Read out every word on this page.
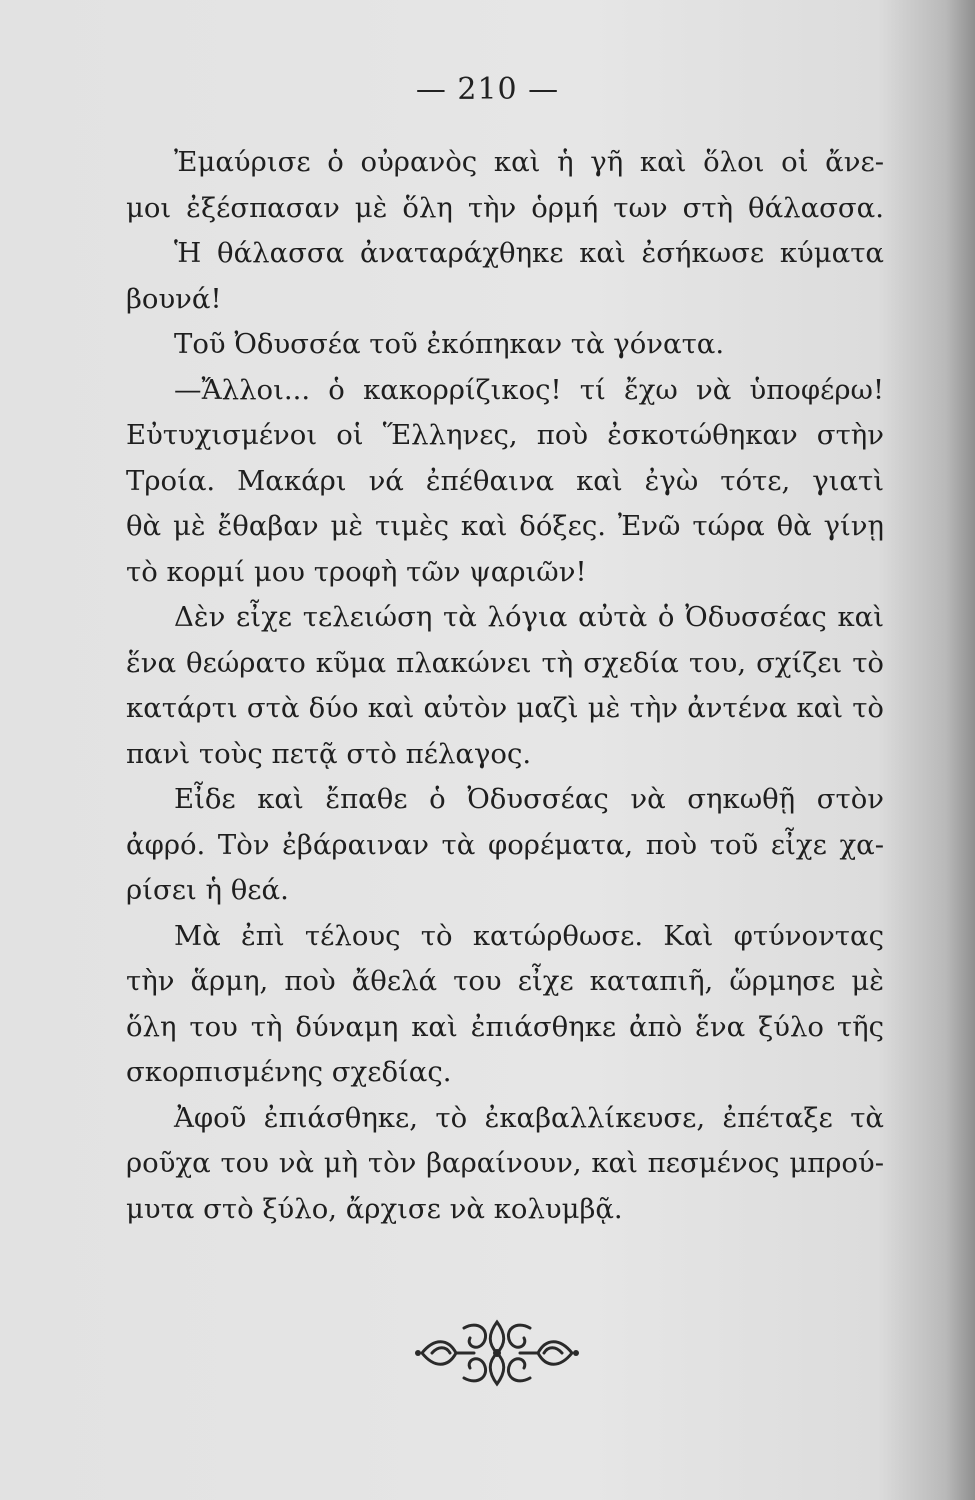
— 210 —
Ἐμαύρισε ὁ οὐρανὸς καὶ ἡ γῆ καὶ ὅλοι οἱ ἄνε-
μοι ἐξέσπασαν μὲ ὅλη τὴν ὁρμή των στὴ θάλασσα.
Ἡ θάλασσα ἀναταράχθηκε καὶ ἐσήκωσε κύματα
βουνά!
Τοῦ Ὀδυσσέα τοῦ ἐκόπηκαν τὰ γόνατα.
—Ἄλλοι... ὁ κακορρίζικος! τί ἔχω νὰ ὑποφέρω!
Εὐτυχισμένοι οἱ Ἕλληνες, ποὺ ἐσκοτώθηκαν στὴν
Τροία. Μακάρι νά ἐπέθαινα καὶ ἐγὼ τότε, γιατὶ
θὰ μὲ ἔθαβαν μὲ τιμὲς καὶ δόξες. Ἐνῶ τώρα θὰ γίνῃ
τὸ κορμί μου τροφὴ τῶν ψαριῶν!
Δὲν εἶχε τελειώση τὰ λόγια αὐτὰ ὁ Ὀδυσσέας καὶ
ἕνα θεώρατο κῦμα πλακώνει τὴ σχεδία του, σχίζει τὸ
κατάρτι στὰ δύο καὶ αὐτὸν μαζὶ μὲ τὴν ἀντένα καὶ τὸ
πανὶ τοὺς πετᾷ στὸ πέλαγος.
Εἶδε καὶ ἔπαθε ὁ Ὀδυσσέας νὰ σηκωθῇ στὸν
ἀφρό. Τὸν ἐβάραιναν τὰ φορέματα, ποὺ τοῦ εἶχε χα-
ρίσει ἡ θεά.
Μὰ ἐπὶ τέλους τὸ κατώρθωσε. Καὶ φτύνοντας
τὴν ἅρμη, ποὺ ἄθελά του εἶχε καταπιῆ, ὥρμησε μὲ
ὅλη του τὴ δύναμη καὶ ἐπιάσθηκε ἀπὸ ἕνα ξύλο τῆς
σκορπισμένης σχεδίας.
Ἀφοῦ ἐπιάσθηκε, τὸ ἐκαβαλλίκευσε, ἐπέταξε τὰ
ροῦχα του νὰ μὴ τὸν βαραίνουν, καὶ πεσμένος μπρού-
μυτα στὸ ξύλο, ἄρχισε νὰ κολυμβᾷ.
